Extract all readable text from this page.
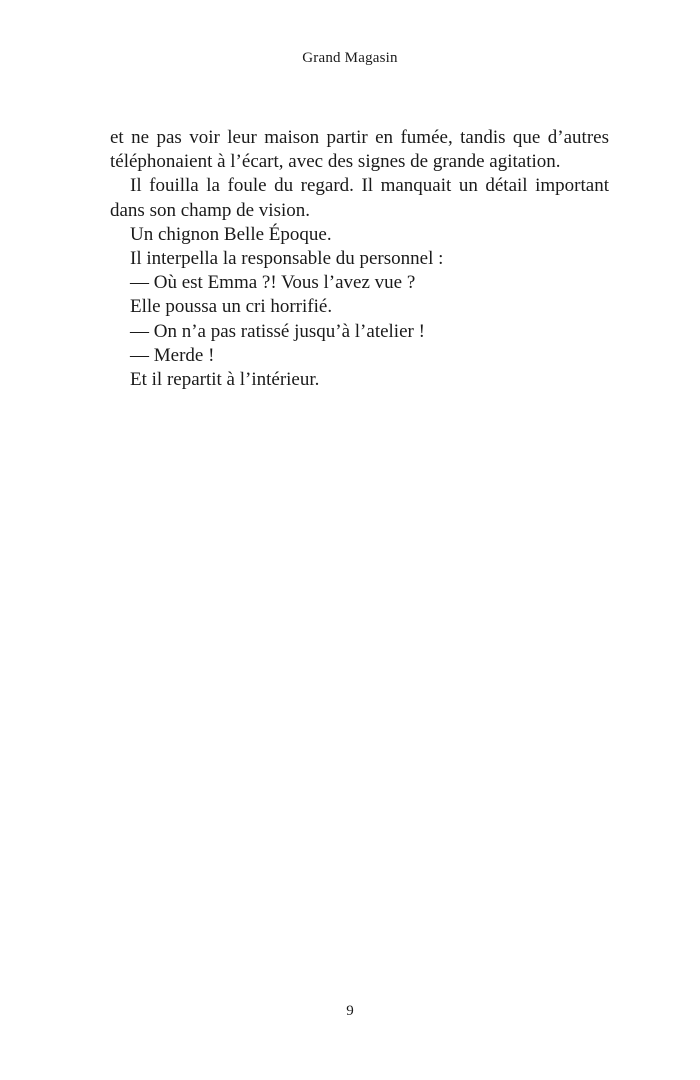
Grand Magasin

et ne pas voir leur maison partir en fumée, tandis que d’autres téléphonaient à l’écart, avec des signes de grande agitation.

Il fouilla la foule du regard. Il manquait un détail important dans son champ de vision.

Un chignon Belle Époque.

Il interpella la responsable du personnel :

— Où est Emma ?! Vous l’avez vue ?

Elle poussa un cri horrifié.

— On n’a pas ratissé jusqu’à l’atelier !

— Merde !

Et il repartit à l’intérieur.

9
